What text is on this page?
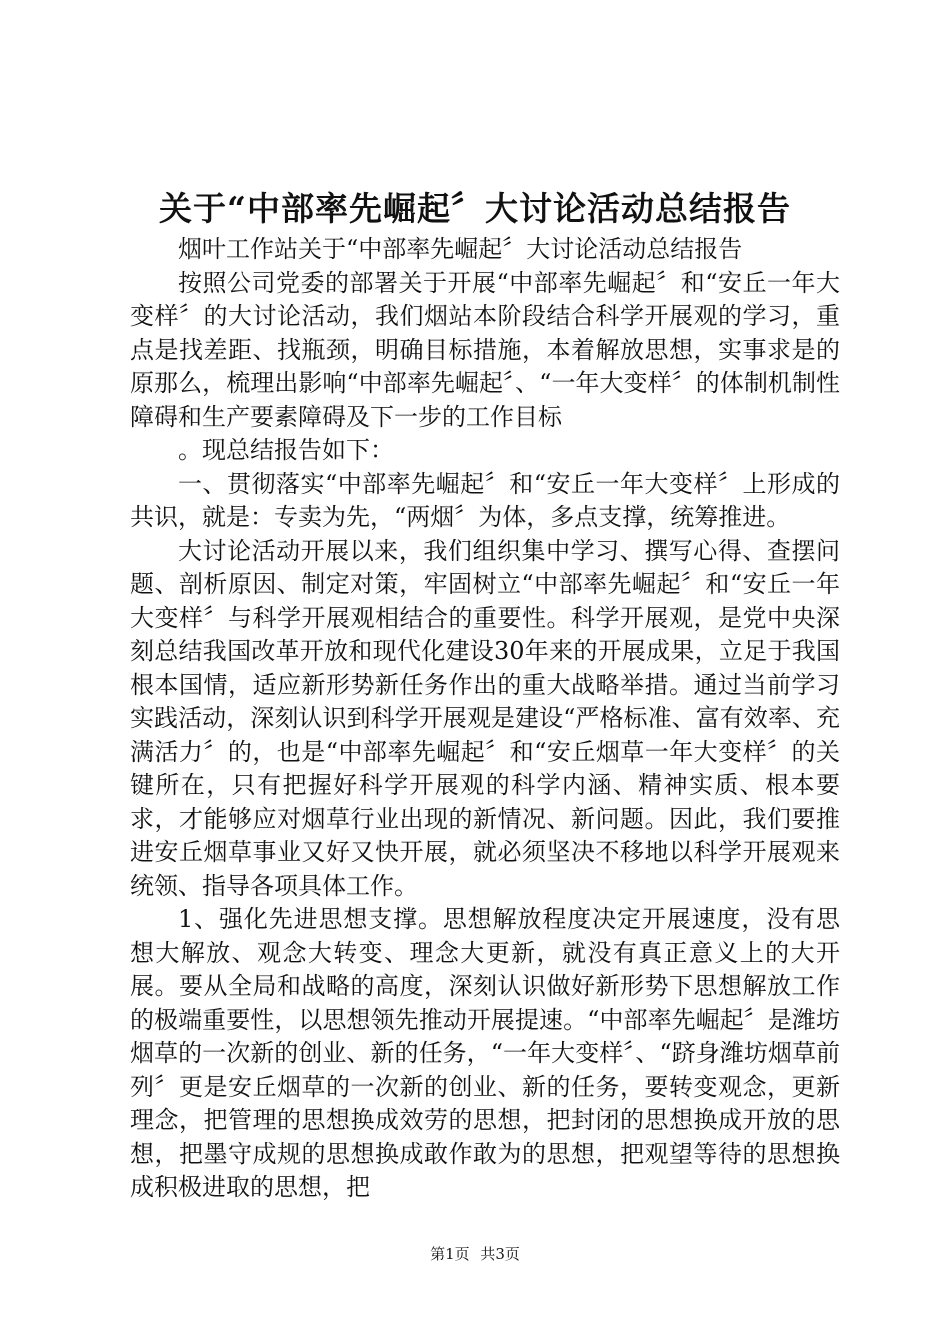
关于“中部率先崛起〞大讨论活动总结报告

烟叶工作站关于“中部率先崛起〞大讨论活动总结报告

按照公司党委的部署关于开展“中部率先崛起〞和“安丘一年大变样〞的大讨论活动，我们烟站本阶段结合科学开展观的学习，重点是找差距、找瓶颈，明确目标措施，本着解放思想，实事求是的原那么，梳理出影响“中部率先崛起〞、“一年大变样〞的体制机制性障碍和生产要素障碍及下一步的工作目标

。现总结报告如下：

一、贯彻落实“中部率先崛起〞和“安丘一年大变样〞上形成的共识，就是：专卖为先，“两烟〞为体，多点支撑，统筹推进。

大讨论活动开展以来，我们组织集中学习、撰写心得、查摆问题、剖析原因、制定对策，牢固树立“中部率先崛起〞和“安丘一年大变样〞与科学开展观相结合的重要性。科学开展观，是党中央深刻总结我国改革开放和现代化建设30年来的开展成果，立足于我国根本国情，适应新形势新任务作出的重大战略举措。通过当前学习实践活动，深刻认识到科学开展观是建设“严格标准、富有效率、充满活力〞的，也是“中部率先崛起〞和“安丘烟草一年大变样〞的关键所在，只有把握好科学开展观的科学内涵、精神实质、根本要求，才能够应对烟草行业出现的新情况、新问题。因此，我们要推进安丘烟草事业又好又快开展，就必须坚决不移地以科学开展观来统领、指导各项具体工作。

1、强化先进思想支撑。思想解放程度决定开展速度，没有思想大解放、观念大转变、理念大更新，就没有真正意义上的大开展。要从全局和战略的高度，深刻认识做好新形势下思想解放工作的极端重要性，以思想领先推动开展提速。“中部率先崛起〞是潍坊烟草的一次新的创业、新的任务，“一年大变样〞、“跻身潍坊烟草前列〞更是安丘烟草的一次新的创业、新的任务，要转变观念，更新理念，把管理的思想换成效劳的思想，把封闭的思想换成开放的思想，把墨守成规的思想换成敢作敢为的思想，把观望等待的思想换成积极进取的思想，把

第1页 共3页
